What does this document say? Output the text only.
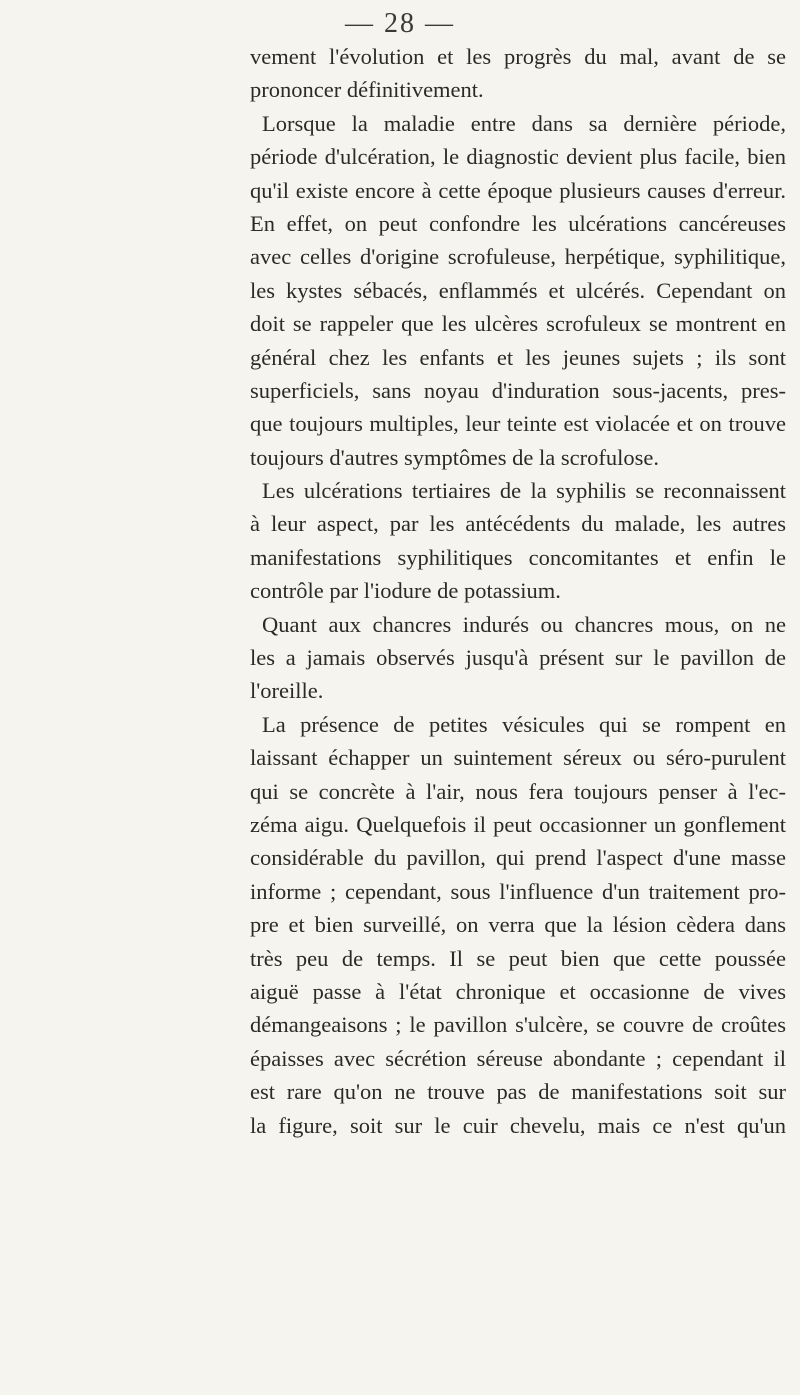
— 28 —
vement l'évolution et les progrès du mal, avant de se
prononcer définitivement.
Lorsque la maladie entre dans sa dernière période,
période d'ulcération, le diagnostic devient plus facile, bien
qu'il existe encore à cette époque plusieurs causes d'erreur.
En effet, on peut confondre les ulcérations cancéreuses
avec celles d'origine scrofuleuse, herpétique, syphilitique,
les kystes sébacés, enflammés et ulcérés. Cependant on
doit se rappeler que les ulcères scrofuleux se montrent en
général chez les enfants et les jeunes sujets ; ils sont
superficiels, sans noyau d'induration sous-jacents, pres-
que toujours multiples, leur teinte est violacée et on trouve
toujours d'autres symptômes de la scrofulose.
Les ulcérations tertiaires de la syphilis se reconnaissent
à leur aspect, par les antécédents du malade, les autres
manifestations syphilitiques concomitantes et enfin le
contrôle par l'iodure de potassium.
Quant aux chancres indurés ou chancres mous, on ne
les a jamais observés jusqu'à présent sur le pavillon de
l'oreille.
La présence de petites vésicules qui se rompent en
laissant échapper un suintement séreux ou séro-purulent
qui se concrète à l'air, nous fera toujours penser à l'ec-
zéma aigu. Quelquefois il peut occasionner un gonflement
considérable du pavillon, qui prend l'aspect d'une masse
informe ; cependant, sous l'influence d'un traitement pro-
pre et bien surveillé, on verra que la lésion cèdera dans
très peu de temps. Il se peut bien que cette poussée
aiguë passe à l'état chronique et occasionne de vives
démangeaisons ; le pavillon s'ulcère, se couvre de croûtes
épaisses avec sécrétion séreuse abondante ; cependant il
est rare qu'on ne trouve pas de manifestations soit sur
la figure, soit sur le cuir chevelu, mais ce n'est qu'un
